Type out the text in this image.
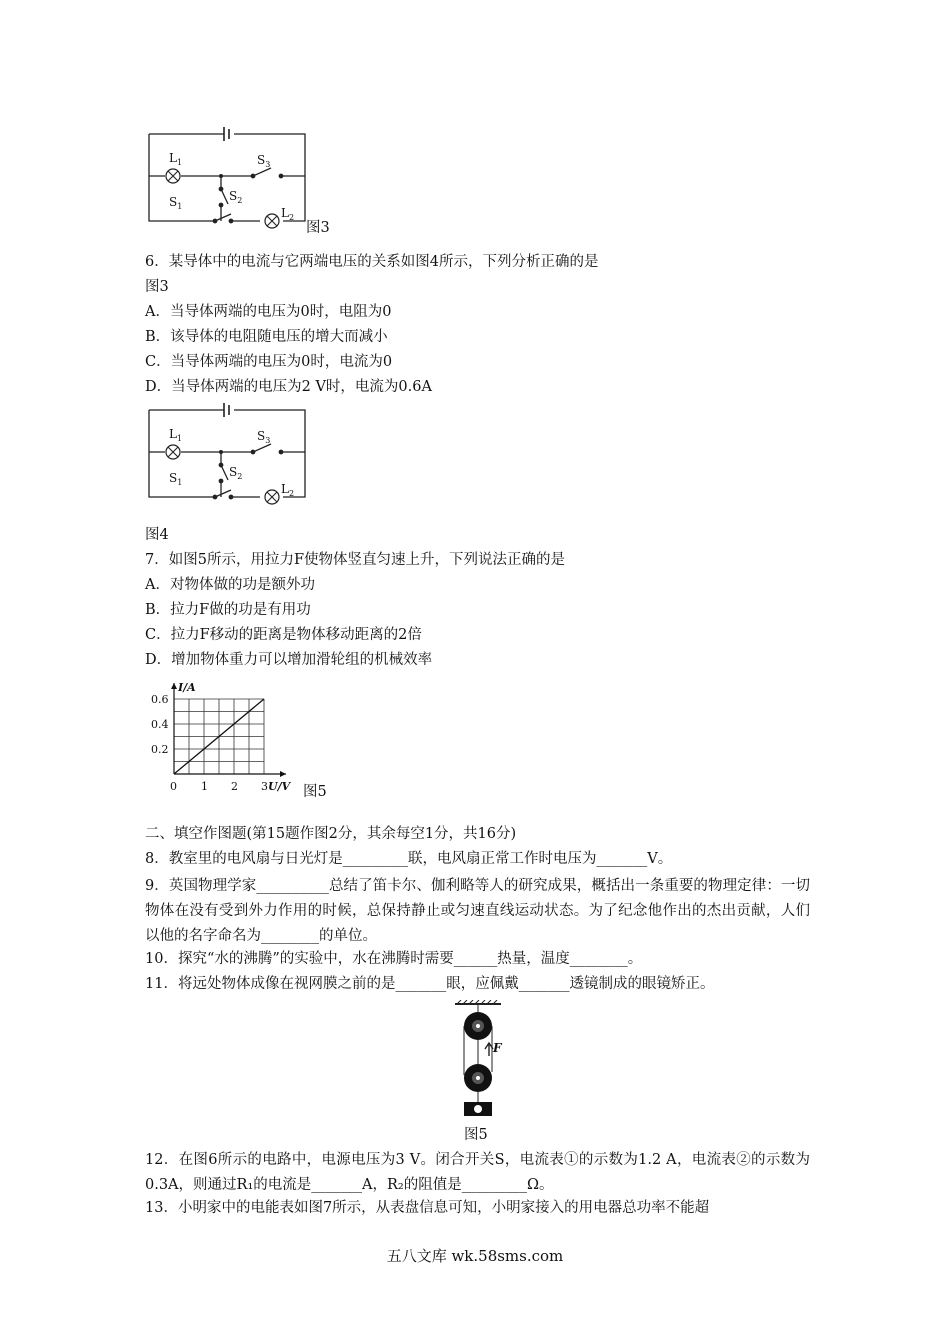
$L_1$	$S_3$
$S_1$
$S_2$
$L_2$
图3
6．某导体中的电流与它两端电压的关系如图4所示，下列分析正确的是
图3
A．当导体两端的电压为0时，电阻为0
B．该导体的电阻随电压的增大而减小
C．当导体两端的电压为0时，电流为0
D．当导体两端的电压为2 V时，电流为0.6A
$L_1$	$S_3$
$S_1$
$S_2$
$L_2$
图4
7．如图5所示，用拉力F使物体竖直匀速上升，下列说法正确的是
A．对物体做的功是额外功
B．拉力F做的功是有用功
C．拉力F移动的距离是物体移动距离的2倍
D．增加物体重力可以增加滑轮组的机械效率
0 1 2 3
0.2
0.4
0.6
I/A
U/V 图5
二、填空作图题(第15题作图2分，其余每空1分，共16分)
8．教室里的电风扇与日光灯是_________联，电风扇正常工作时电压为_______V。
9．英国物理学家__________总结了笛卡尔、伽利略等人的研究成果，概括出一条重要的物理定律：一切物体在没有受到外力作用的时候，总保持静止或匀速直线运动状态。为了纪念他作出的杰出贡献，人们以他的名字命名为________的单位。
10．探究“水的沸腾”的实验中，水在沸腾时需要______热量，温度________。
11．将远处物体成像在视网膜之前的是_______眼，应佩戴_______透镜制成的眼镜矫正。
F
图5
12．在图6所示的电路中，电源电压为3 V。闭合开关S，电流表①的示数为1.2 A，电流表②的示数为0.3A，则通过R₁的电流是_______A，R₂的阻值是_________Ω。
13．小明家中的电能表如图7所示，从表盘信息可知，小明家接入的用电器总功率不能超
五八文库 wk.58sms.com
